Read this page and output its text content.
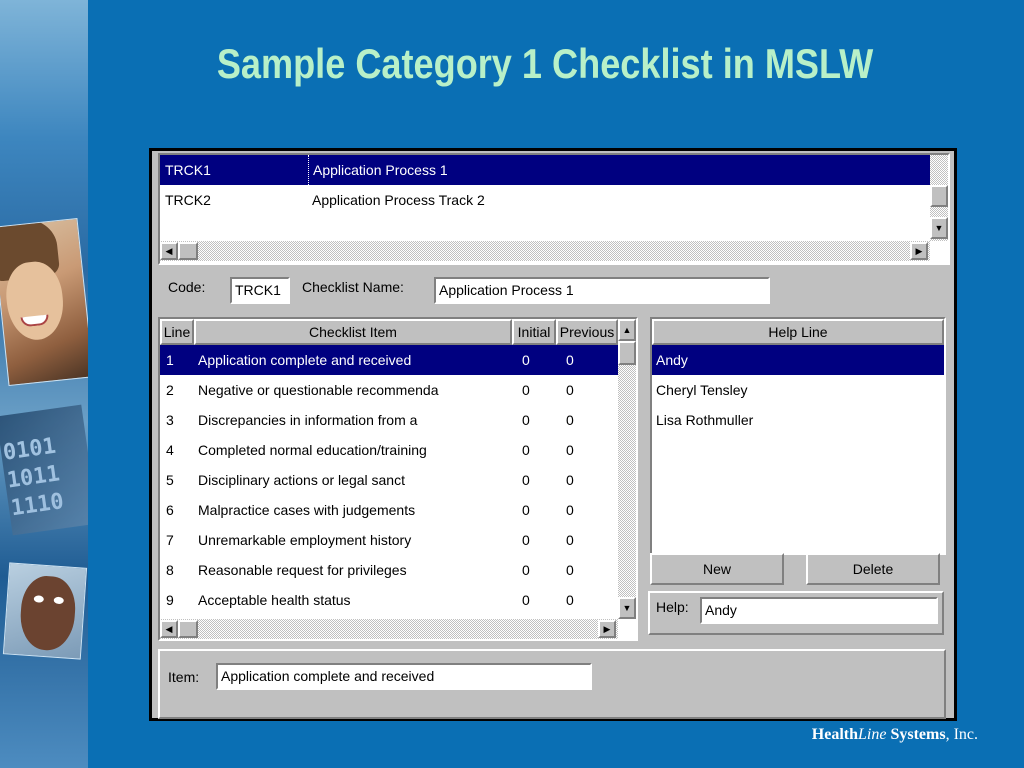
0101
1011
1110
Sample Category 1 Checklist in MSLW
TRCK1	Application Process 1
TRCK2	Application Process Track 2
▼
◀	▶
Code:	TRCK1	Checklist Name:	Application Process 1
Line	Checklist Item	Initial Previous
1	Application complete and received	0	0
2	Negative or questionable recommenda	0	0
3	Discrepancies in information from a	0	0
4	Completed normal education/training	0	0
5	Disciplinary actions or legal sanct	0	0
6	Malpractice cases with judgements	0	0
7	Unremarkable employment history	0	0
8	Reasonable request for privileges	0	0
9	Acceptable health status	0	0
▲
▼
◀	▶
Help Line
Andy
Cheryl Tensley
Lisa Rothmuller
New	Delete
Help:	Andy
Item:	Application complete and received
HealthLine Systems, Inc.
